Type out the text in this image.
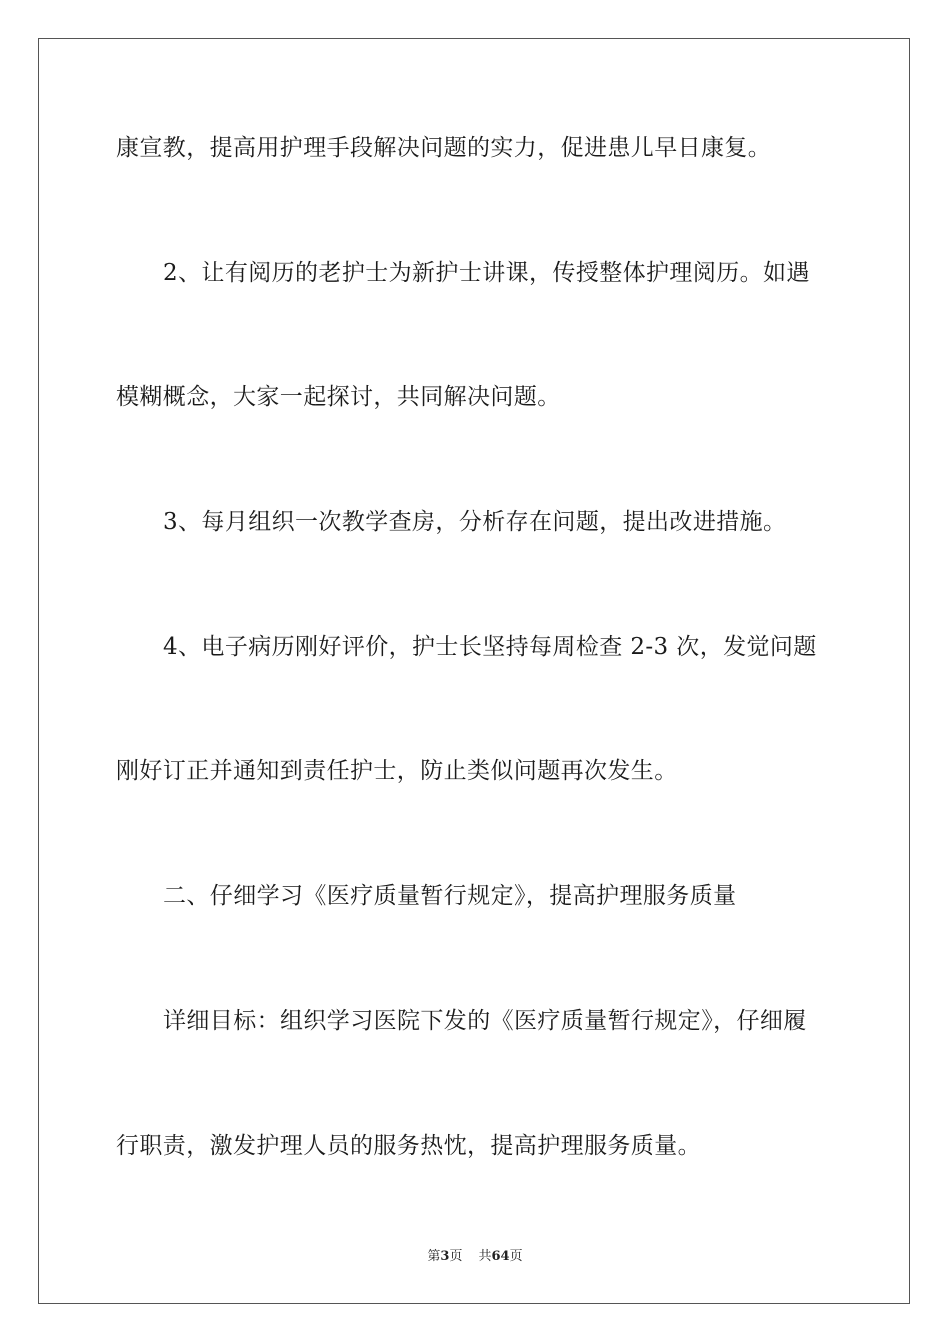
康宣教，提高用护理手段解决问题的实力，促进患儿早日康复。
2、让有阅历的老护士为新护士讲课，传授整体护理阅历。如遇
模糊概念，大家一起探讨，共同解决问题。
3、每月组织一次教学查房，分析存在问题，提出改进措施。
4、电子病历刚好评价，护士长坚持每周检查 2-3 次，发觉问题
刚好订正并通知到责任护士，防止类似问题再次发生。
二、仔细学习《医疗质量暂行规定》，提高护理服务质量
详细目标：组织学习医院下发的《医疗质量暂行规定》，仔细履
行职责，激发护理人员的服务热忱，提高护理服务质量。
第3页 共64页
